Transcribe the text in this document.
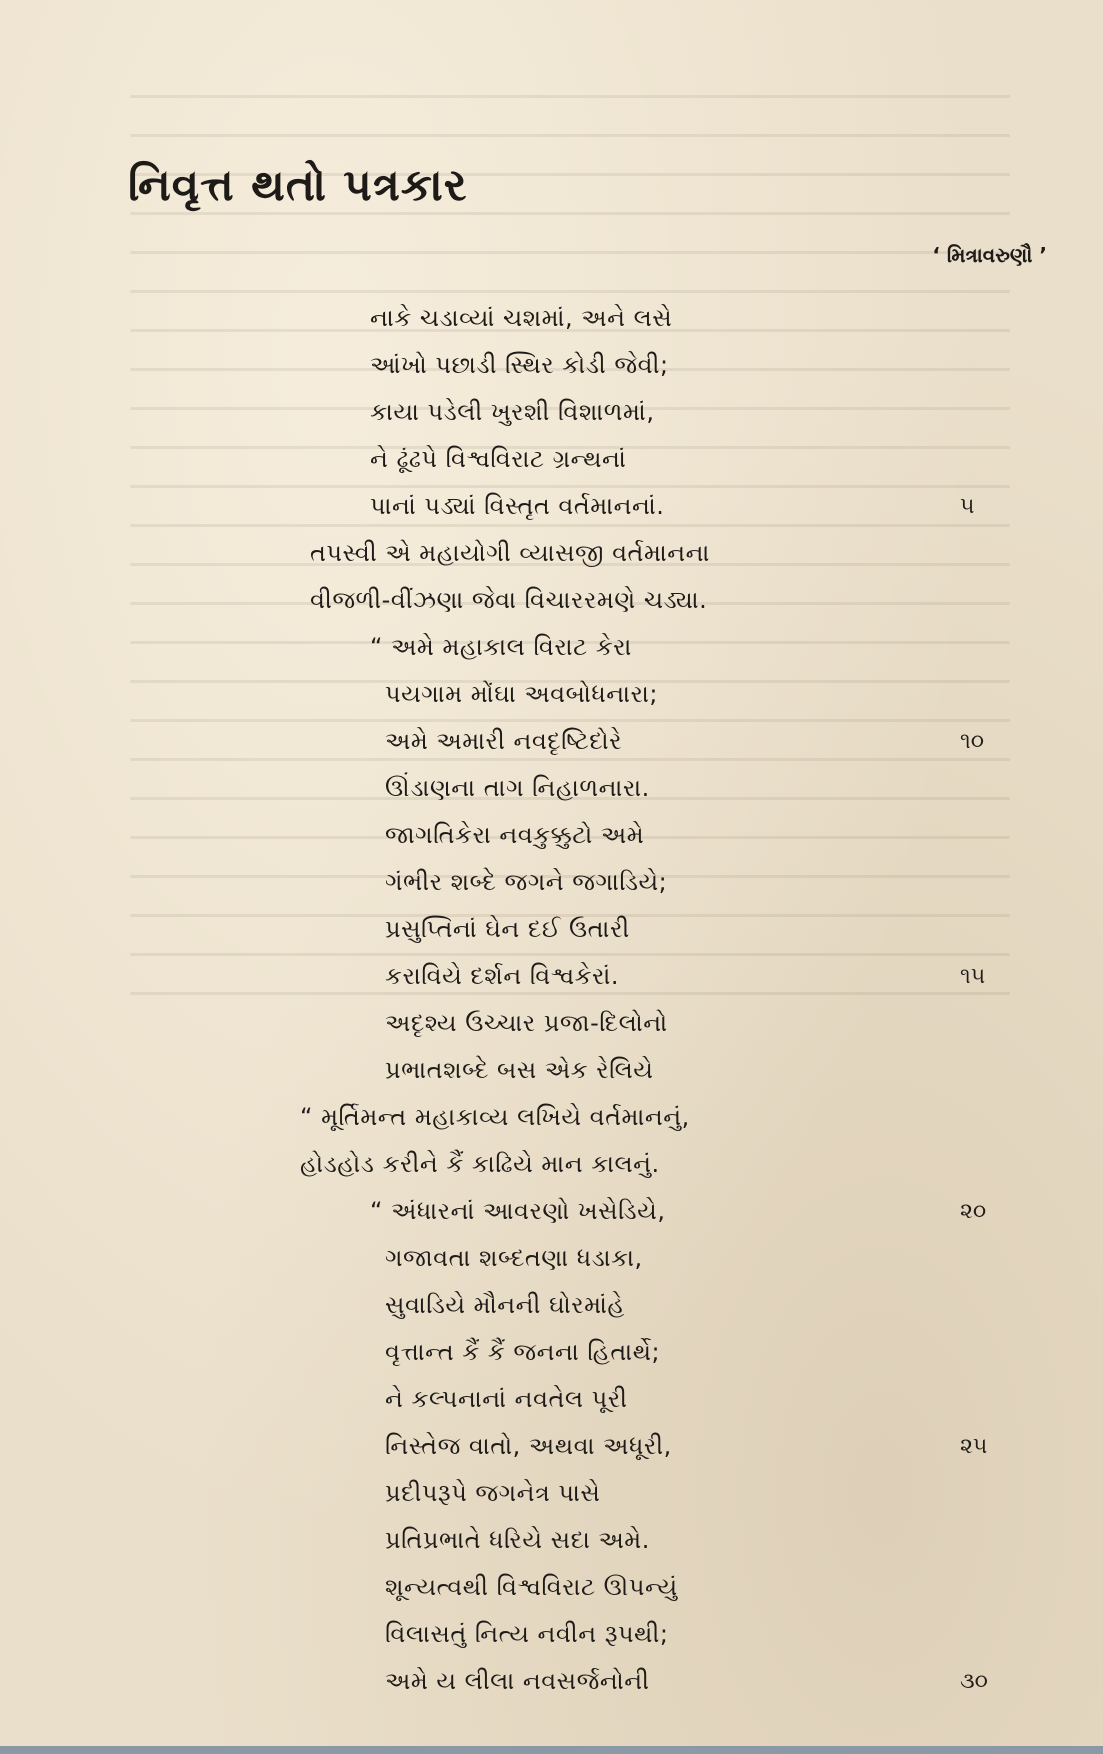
નિવૃત્ત થતો પત્રકાર
‘ મિત્રાવરુણૌ ’
નાકે ચડાવ્યાં ચશમાં, અને લસે
આંખો પછાડી સ્થિર કોડી જેવી;
કાયા પડેલી ખુરશી વિશાળમાં,
ને ઢૂંઢપે વિશ્વવિરાટ ગ્રન્થનાં
પાનાં પડ્યાં વિસ્તૃત વર્તમાનનાં.
તપસ્વી એ મહાયોગી વ્યાસજી વર્તમાનના
વીજળી-વીંઝણા જેવા વિચારરમણે ચડ્યા.
“ અમે મહાકાલ વિરાટ કેરા
પયગામ મોંઘા અવબોધનારા;
અમે અમારી નવદૃષ્ટિદોરે
ઊંડાણના તાગ નિહાળનારા.
જાગતિકેરા નવકુક્કુટો અમે
ગંભીર શબ્દે જગને જગાડિયે;
પ્રસુપ્તિનાં ઘેન દઈ ઉતારી
કરાવિયે દર્શન વિશ્વકેરાં.
અદૃશ્ય ઉચ્ચાર પ્રજા-દિલોનો
પ્રભાતશબ્દે બસ એક રેલિયે
“ મૂર્તિમન્ત મહાકાવ્ય લખિયે વર્તમાનનું,
હોડહોડ કરીને કૈં કાઢિયે માન કાલનું.
“ અંધારનાં આવરણો ખસેડિયે,
ગજાવતા શબ્દતણા ધડાકા,
સુવાડિયે મૌનની ઘોરમાંહે
વૃત્તાન્ત કૈં કૈં જનના હિતાર્થે;
ને કલ્પનાનાં નવતેલ પૂરી
નિસ્તેજ વાતો, અથવા અધૂરી,
પ્રદીપરૂપે જગનેત્ર પાસે
પ્રતિપ્રભાતે ધરિયે સદા અમે.
શૂન્યત્વથી વિશ્વવિરાટ ઊપન્યું
વિલાસતું નિત્ય નવીન રૂપથી;
અમે ય લીલા નવસર્જનોની
૫
૧૦
૧૫
૨૦
૨૫
૩૦
